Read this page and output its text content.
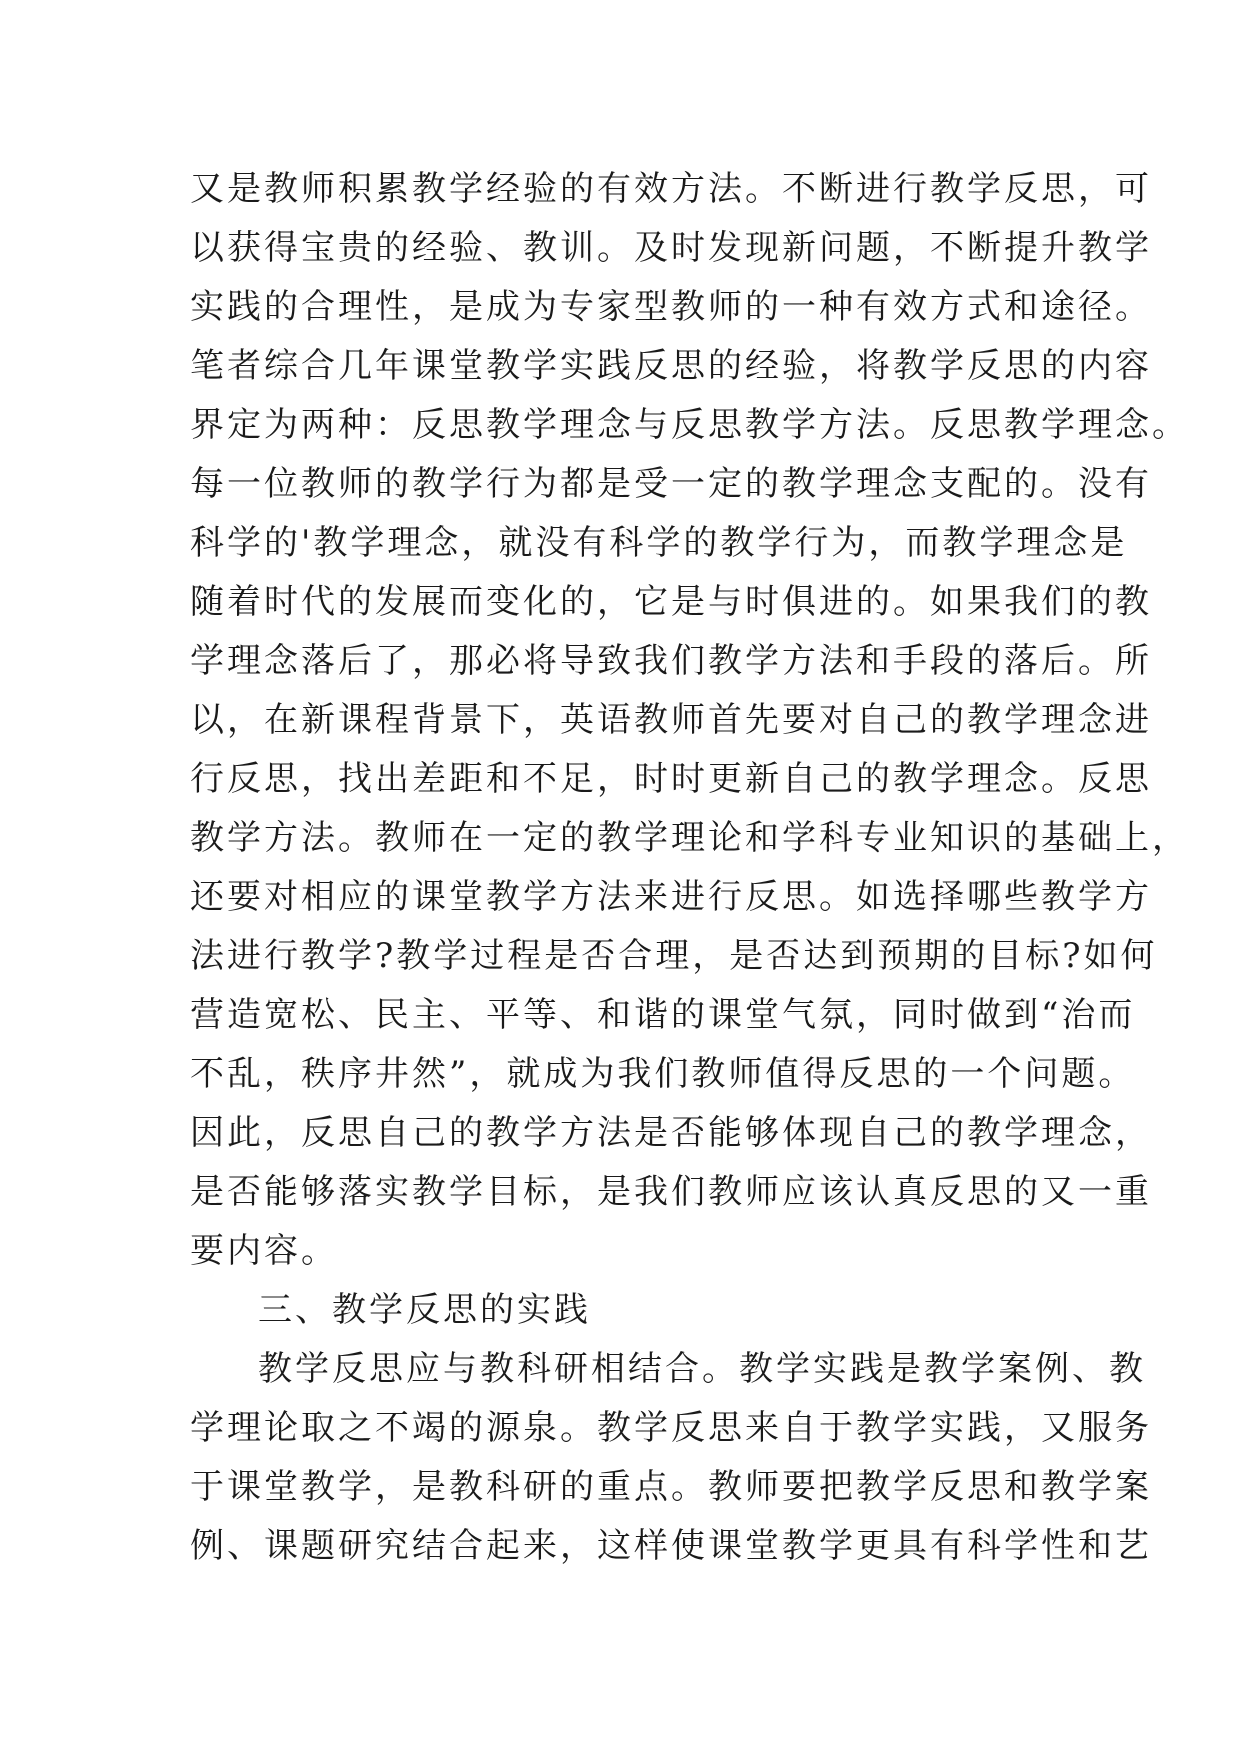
又是教师积累教学经验的有效方法。不断进行教学反思，可
以获得宝贵的经验、教训。及时发现新问题，不断提升教学
实践的合理性，是成为专家型教师的一种有效方式和途径。
笔者综合几年课堂教学实践反思的经验，将教学反思的内容
界定为两种：反思教学理念与反思教学方法。反思教学理念。
每一位教师的教学行为都是受一定的教学理念支配的。没有
科学的'教学理念，就没有科学的教学行为，而教学理念是
随着时代的发展而变化的，它是与时俱进的。如果我们的教
学理念落后了，那必将导致我们教学方法和手段的落后。所
以，在新课程背景下，英语教师首先要对自己的教学理念进
行反思，找出差距和不足，时时更新自己的教学理念。反思
教学方法。教师在一定的教学理论和学科专业知识的基础上，
还要对相应的课堂教学方法来进行反思。如选择哪些教学方
法进行教学?教学过程是否合理，是否达到预期的目标?如何
营造宽松、民主、平等、和谐的课堂气氛，同时做到“治而
不乱，秩序井然”，就成为我们教师值得反思的一个问题。
因此，反思自己的教学方法是否能够体现自己的教学理念，
是否能够落实教学目标，是我们教师应该认真反思的又一重
要内容。
三、教学反思的实践
教学反思应与教科研相结合。教学实践是教学案例、教
学理论取之不竭的源泉。教学反思来自于教学实践，又服务
于课堂教学，是教科研的重点。教师要把教学反思和教学案
例、课题研究结合起来，这样使课堂教学更具有科学性和艺
